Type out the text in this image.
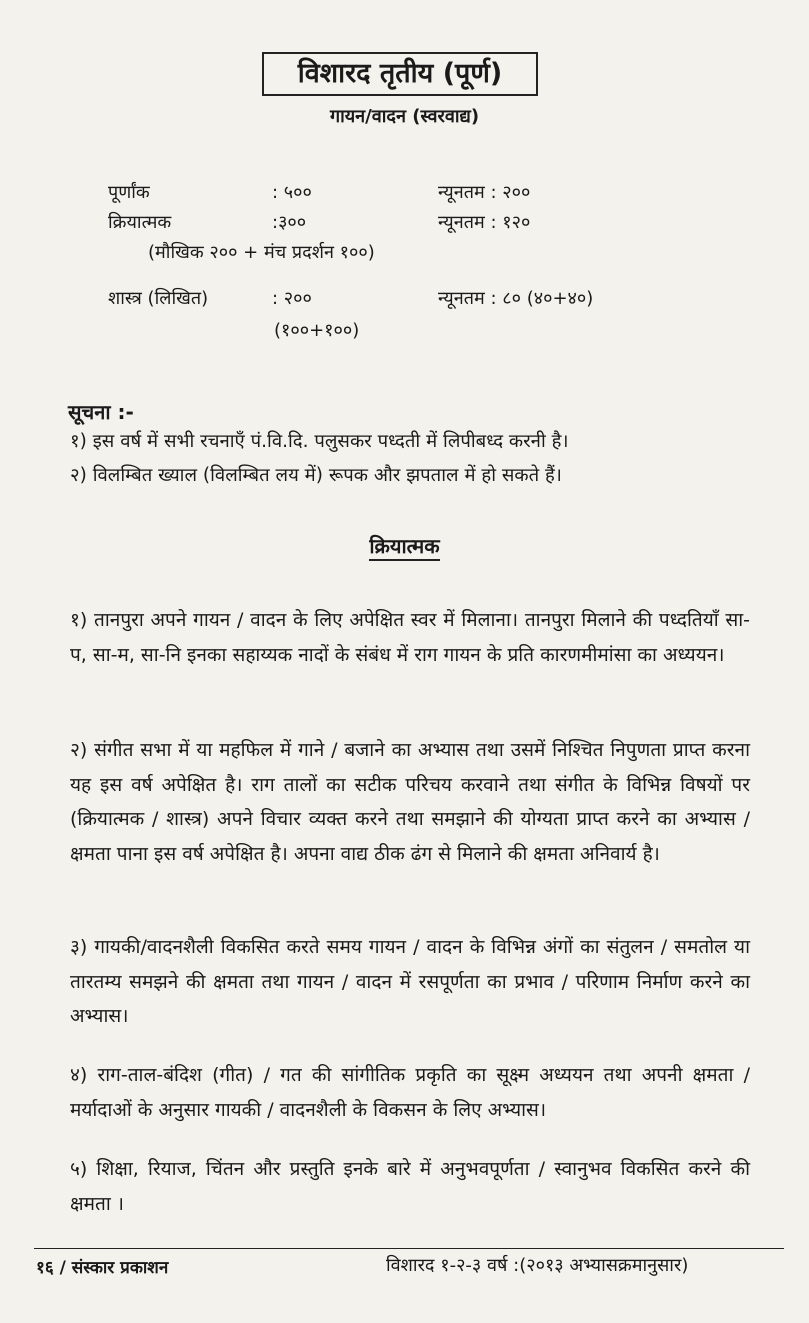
विशारद तृतीय (पूर्ण)
गायन/वादन (स्वरवाद्य)
पूर्णांक	: ५००	न्यूनतम : २००
क्रियात्मक	:३००	न्यूनतम : १२०
(मौखिक २०० + मंच प्रदर्शन १००)
शास्त्र (लिखित)	: २००	न्यूनतम : ८० (४०+४०)
(१००+१००)
सूचना :-
१) इस वर्ष में सभी रचनाएँ पं.वि.दि. पलुसकर पध्दती में लिपीबध्द करनी है।
२) विलम्बित ख्याल (विलम्बित लय में) रूपक और झपताल में हो सकते हैं।
क्रियात्मक
१) तानपुरा अपने गायन / वादन के लिए अपेक्षित स्वर में मिलाना। तानपुरा मिलाने की पध्दतियाँ सा-प, सा-म, सा-नि इनका सहाय्यक नादों के संबंध में राग गायन के प्रति कारणमीमांसा का अध्ययन।
२) संगीत सभा में या महफिल में गाने / बजाने का अभ्यास तथा उसमें निश्चित निपुणता प्राप्त करना यह इस वर्ष अपेक्षित है। राग तालों का सटीक परिचय करवाने तथा संगीत के विभिन्न विषयों पर (क्रियात्मक / शास्त्र) अपने विचार व्यक्त करने तथा समझाने की योग्यता प्राप्त करने का अभ्यास / क्षमता पाना इस वर्ष अपेक्षित है। अपना वाद्य ठीक ढंग से मिलाने की क्षमता अनिवार्य है।
३) गायकी/वादनशैली विकसित करते समय गायन / वादन के विभिन्न अंगों का संतुलन / समतोल या तारतम्य समझने की क्षमता तथा गायन / वादन में रसपूर्णता का प्रभाव / परिणाम निर्माण करने का अभ्यास।
४) राग-ताल-बंदिश (गीत) / गत की सांगीतिक प्रकृति का सूक्ष्म अध्ययन तथा अपनी क्षमता / मर्यादाओं के अनुसार गायकी / वादनशैली के विकसन के लिए अभ्यास।
५) शिक्षा, रियाज, चिंतन और प्रस्तुति इनके बारे में अनुभवपूर्णता / स्वानुभव विकसित करने की क्षमता ।
१६ / संस्कार प्रकाशन	विशारद १-२-३ वर्ष :(२०१३ अभ्यासक्रमानुसार)
